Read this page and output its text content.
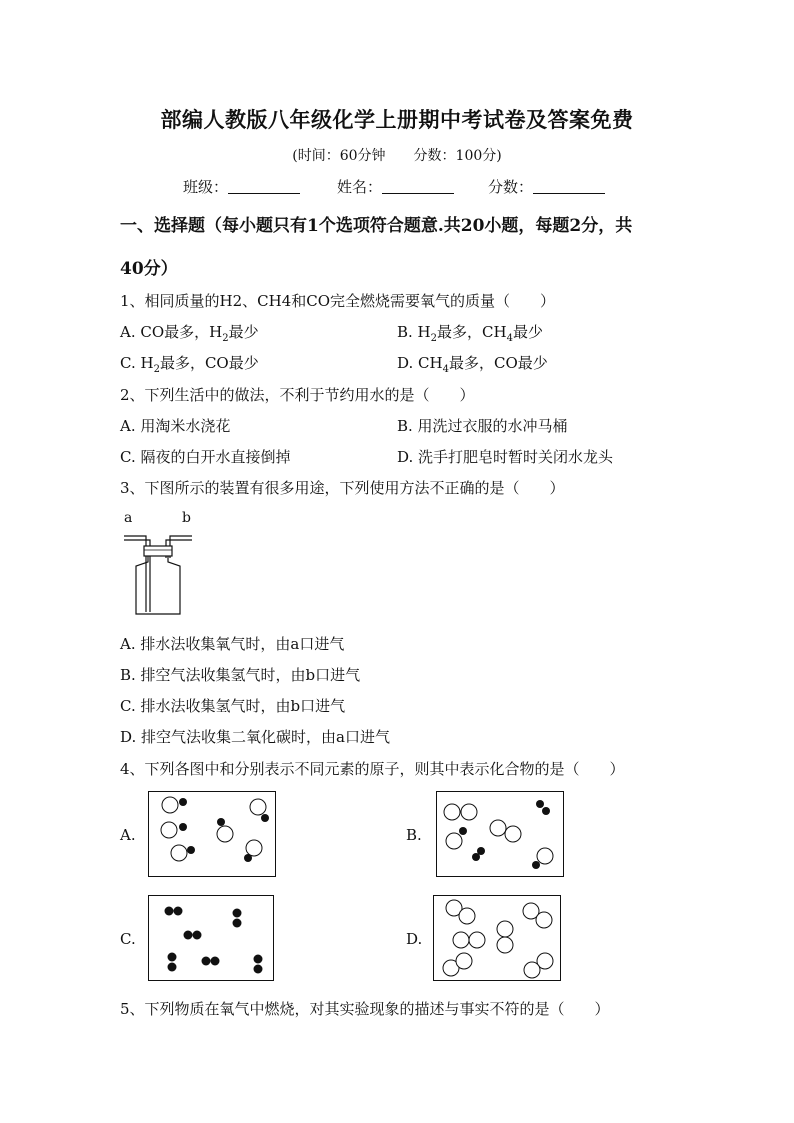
部编人教版八年级化学上册期中考试卷及答案免费
(时间：60分钟 分数：100分)
班级：	姓名：	分数：
一、选择题（每小题只有1个选项符合题意.共20小题，每题2分，共
40分）
1、相同质量的H2、CH4和CO完全燃烧需要氧气的质量（　　）
A. CO最多，$H_2$最少	B. $H_2$最多，$CH_4$最少
C. $H_2$最多，CO最少	D. $CH_4$最多，CO最少
2、下列生活中的做法，不利于节约用水的是（　　）
A. 用淘米水浇花	B. 用洗过衣服的水冲马桶
C. 隔夜的白开水直接倒掉	D. 洗手打肥皂时暂时关闭水龙头
3、下图所示的装置有很多用途，下列使用方法不正确的是（　　）
a	b
A. 排水法收集氧气时，由a口进气
B. 排空气法收集氢气时，由b口进气
C. 排水法收集氢气时，由b口进气
D. 排空气法收集二氧化碳时，由a口进气
4、下列各图中和分别表示不同元素的原子，则其中表示化合物的是（　　）
A.	B.
C.	D.
5、下列物质在氧气中燃烧，对其实验现象的描述与事实不符的是（　　）
